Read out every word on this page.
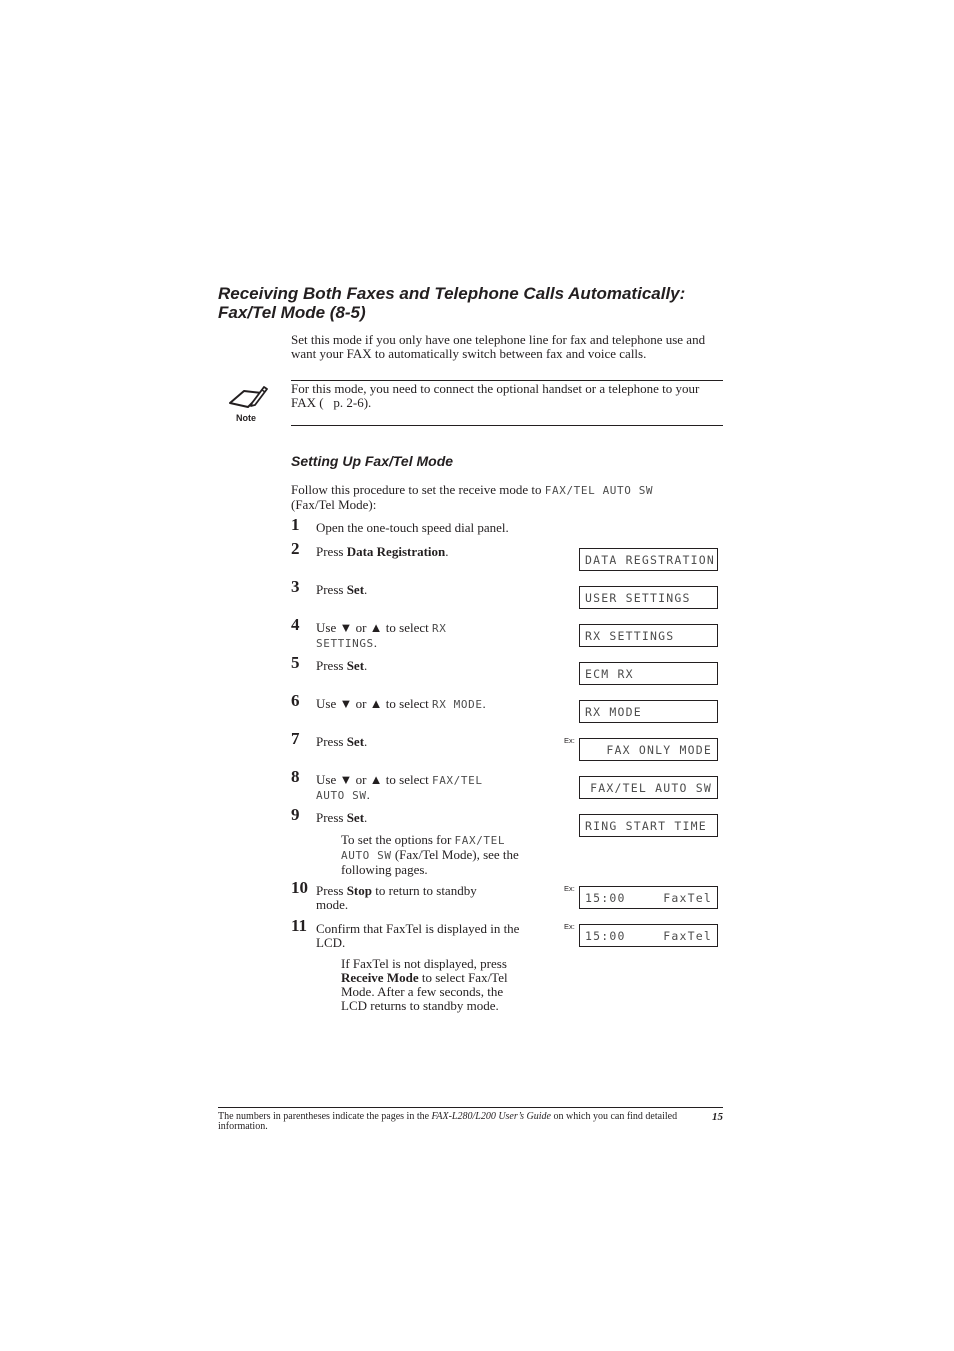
Receiving Both Faxes and Telephone Calls Automatically: Fax/Tel Mode (8-5)
Set this mode if you only have one telephone line for fax and telephone use and want your FAX to automatically switch between fax and voice calls.
Note
For this mode, you need to connect the optional handset or a telephone to your FAX (   p. 2-6).
Setting Up Fax/Tel Mode
Follow this procedure to set the receive mode to FAX/TEL AUTO SW
(Fax/Tel Mode):
1 Open the one-touch speed dial panel.
2 Press Data Registration.
3 Press Set.
4 Use ▼ or ▲ to select RX SETTINGS.
5 Press Set.
6 Use ▼ or ▲ to select RX MODE.
7 Press Set.
8 Use ▼ or ▲ to select FAX/TEL AUTO SW.
9 Press Set.
To set the options for FAX/TEL AUTO SW (Fax/Tel Mode), see the following pages.
10 Press Stop to return to standby mode.
11 Confirm that FaxTel is displayed in the LCD.
If FaxTel is not displayed, press Receive Mode to select Fax/Tel Mode. After a few seconds, the LCD returns to standby mode.
DATA REGSTRATION
USER SETTINGS
RX SETTINGS
ECM RX
RX MODE
Ex:
FAX ONLY MODE
FAX/TEL AUTO SW
RING START TIME
Ex:
15:00	FaxTel
Ex:
15:00	FaxTel
The numbers in parentheses indicate the pages in the FAX-L280/L200 User’s Guide on which you can find detailed information.
15
